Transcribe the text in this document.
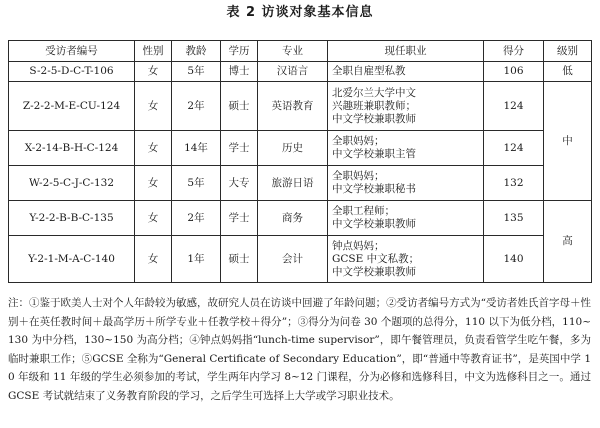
表 2 访谈对象基本信息
受访者编号	性别	教龄	学历	专业	现任职业	得分	级别
S-2-5-D-C-T-106	女	5年	博士	汉语言	全职自雇型私教	106	低
Z-2-2-M-E-CU-124	女	2年	硕士	英语教育	北爱尔兰大学中文
兴趣班兼职教师；
中文学校兼职教师	124	中
X-2-14-B-H-C-124	女	14年	学士	历史	全职妈妈；
中文学校兼职主管	124	
W-2-5-C-J-C-132	女	5年	大专	旅游日语	全职妈妈；
中文学校兼职秘书	132	
Y-2-2-B-B-C-135	女	2年	学士	商务	全职工程师；
中文学校兼职教师	135	高
Y-2-1-M-A-C-140	女	1年	硕士	会计	钟点妈妈；
GCSE 中文私教；
中文学校兼职教师	140	
注：①鉴于欧美人士对个人年龄较为敏感，故研究人员在访谈中回避了年龄问题；②受访者编号方式为“受访者姓氏首字母＋性别＋在英任教时间＋最高学历＋所学专业＋任教学校＋得分”；③得分为问卷 30 个题项的总得分，110 以下为低分档，110~130 为中分档，130~150 为高分档；④钟点妈妈指“lunch-time supervisor”，即午餐管理员，负责看管学生吃午餐，多为临时兼职工作；⑤GCSE 全称为“General Certificate of Secondary Education”，即“普通中等教育证书”，是英国中学 10 年级和 11 年级的学生必须参加的考试，学生两年内学习 8~12 门课程，分为必修和选修科目，中文为选修科目之一。通过 GCSE 考试就结束了义务教育阶段的学习，之后学生可选择上大学或学习职业技术。
